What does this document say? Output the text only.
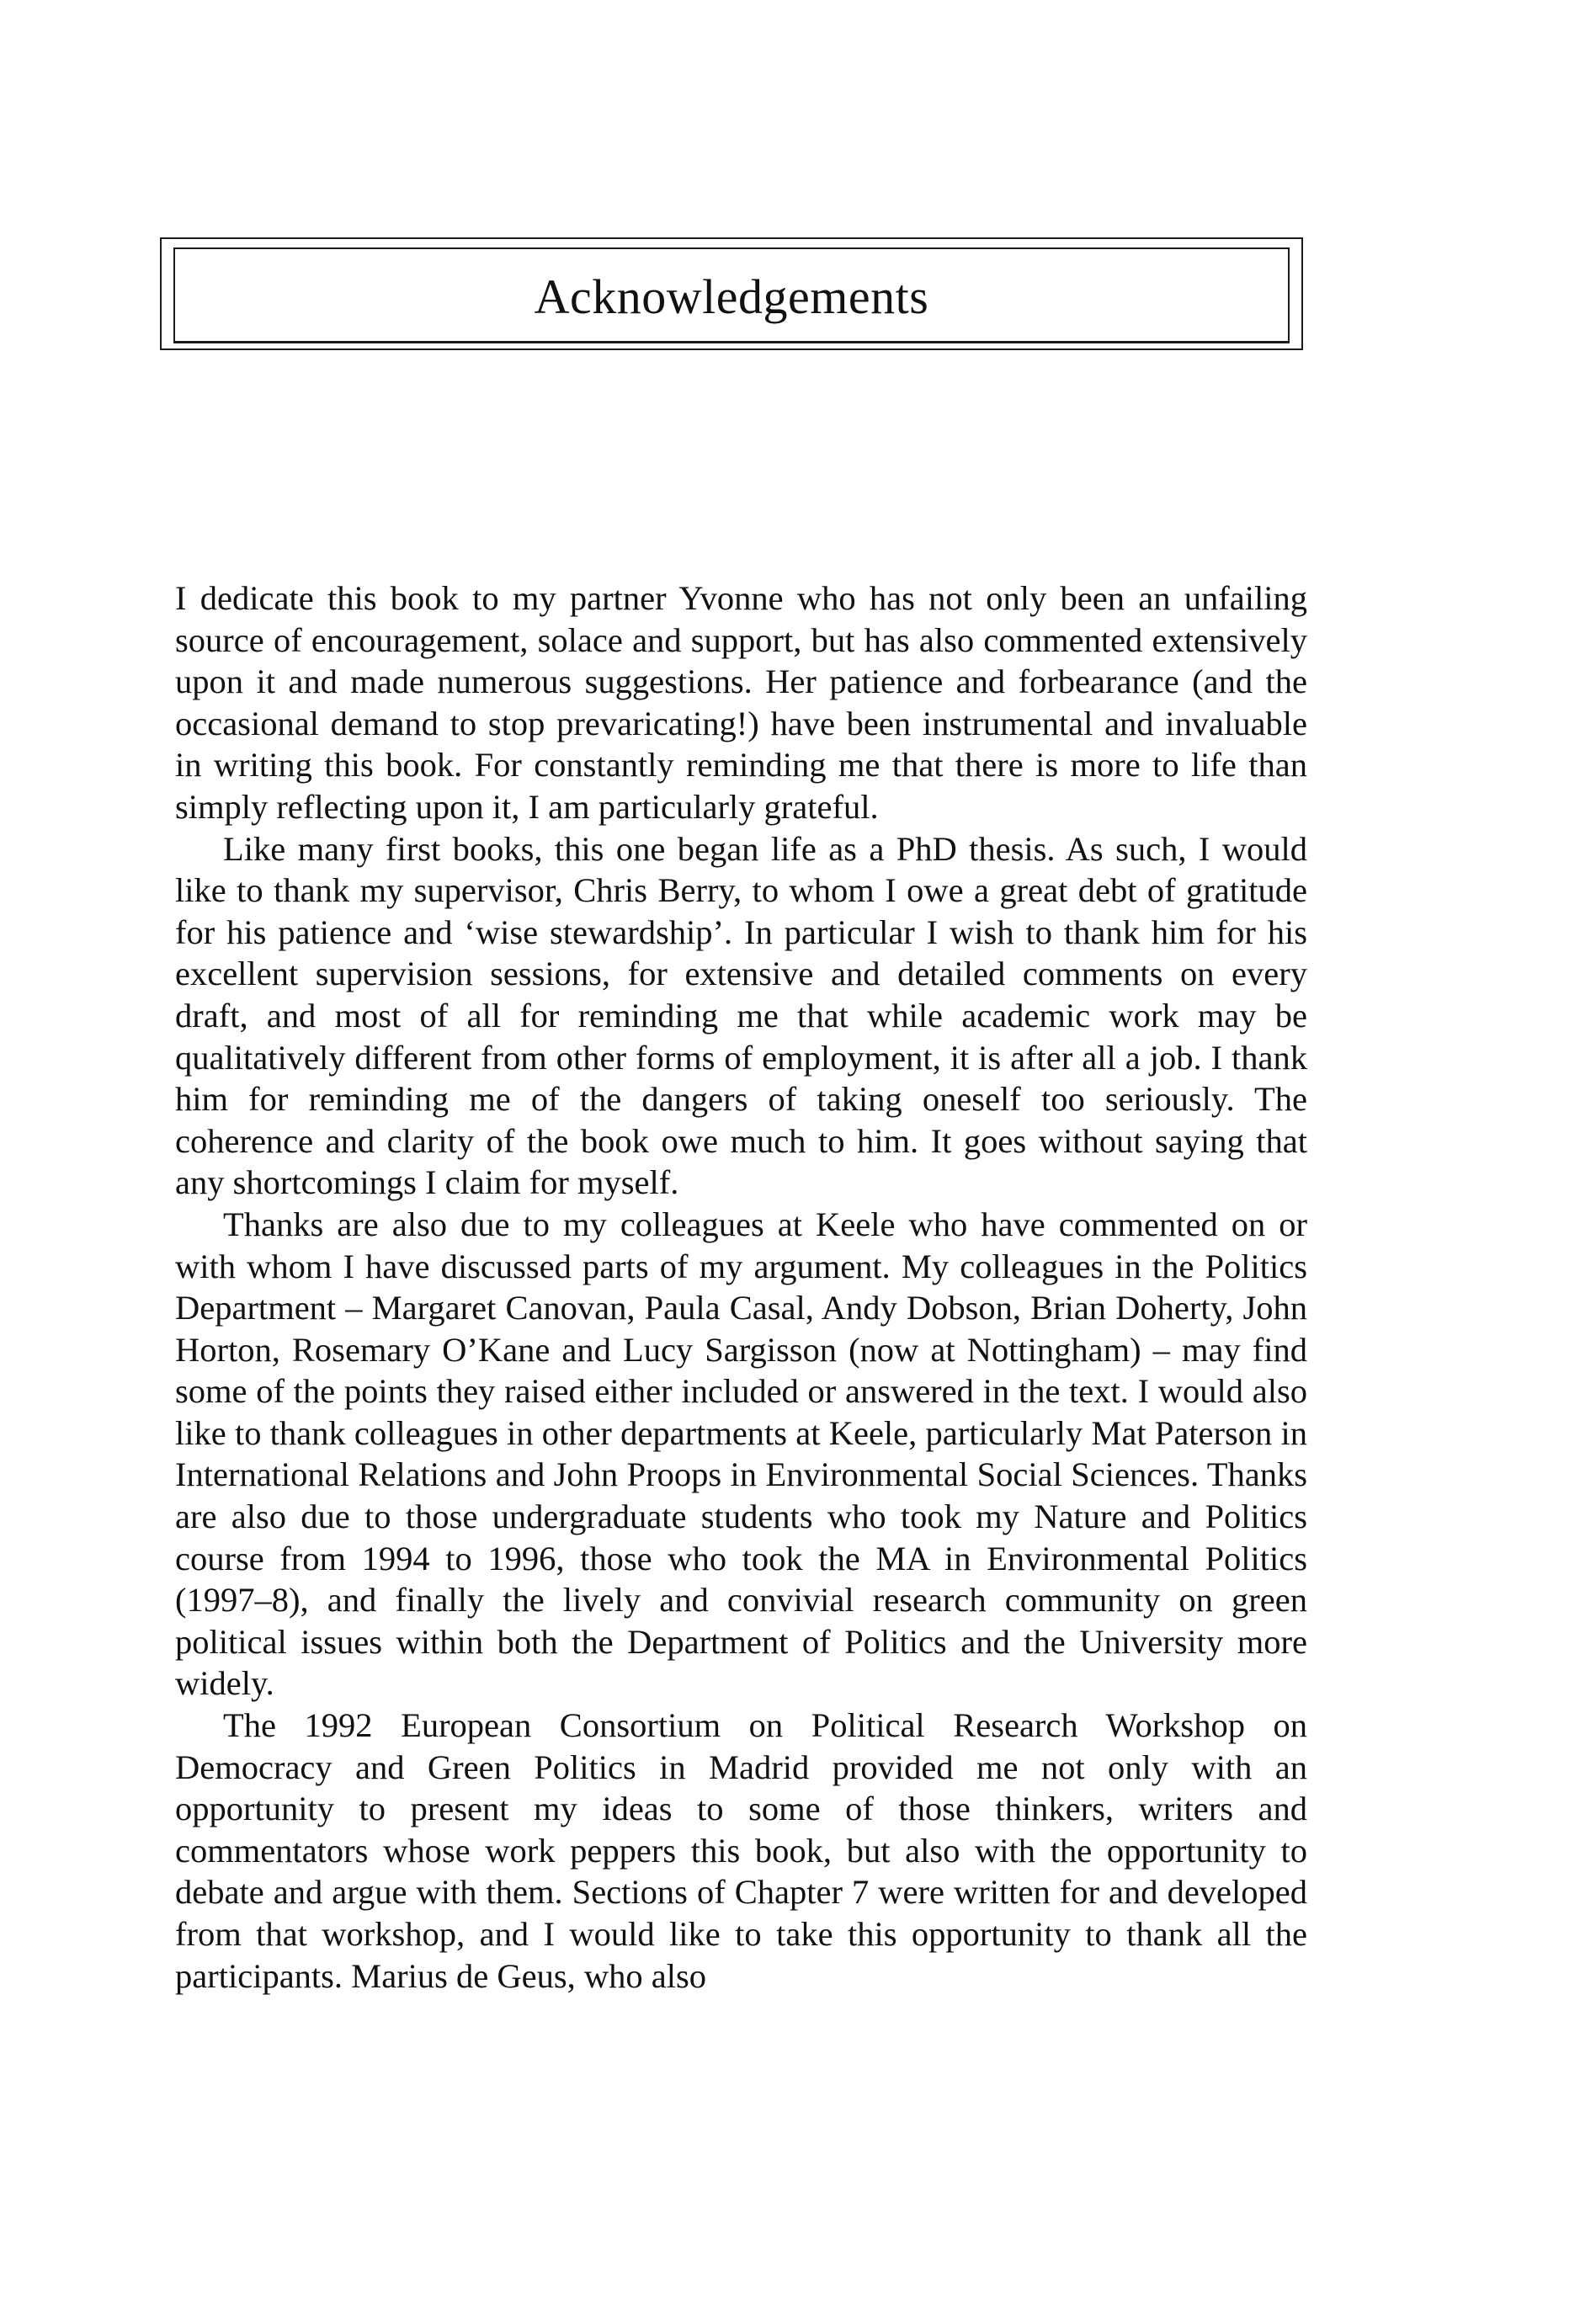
Acknowledgements

I dedicate this book to my partner Yvonne who has not only been an unfailing source of encouragement, solace and support, but has also commented extensively upon it and made numerous suggestions. Her patience and forbearance (and the occasional demand to stop prevaricating!) have been instrumental and invaluable in writing this book. For constantly reminding me that there is more to life than simply reflecting upon it, I am particularly grateful.

Like many first books, this one began life as a PhD thesis. As such, I would like to thank my supervisor, Chris Berry, to whom I owe a great debt of gratitude for his patience and ‘wise stewardship’. In particular I wish to thank him for his excellent supervision sessions, for extensive and detailed comments on every draft, and most of all for reminding me that while academic work may be qualitatively different from other forms of employment, it is after all a job. I thank him for reminding me of the dangers of taking oneself too seriously. The coherence and clarity of the book owe much to him. It goes without saying that any shortcomings I claim for myself.

Thanks are also due to my colleagues at Keele who have commented on or with whom I have discussed parts of my argument. My colleagues in the Politics Department – Margaret Canovan, Paula Casal, Andy Dobson, Brian Doherty, John Horton, Rosemary O’Kane and Lucy Sargisson (now at Nottingham) – may find some of the points they raised either included or answered in the text. I would also like to thank colleagues in other departments at Keele, particularly Mat Paterson in International Relations and John Proops in Environmental Social Sciences. Thanks are also due to those undergraduate students who took my Nature and Politics course from 1994 to 1996, those who took the MA in Environmental Politics (1997–8), and finally the lively and convivial research community on green political issues within both the Department of Politics and the University more widely.

The 1992 European Consortium on Political Research Workshop on Democracy and Green Politics in Madrid provided me not only with an opportunity to present my ideas to some of those thinkers, writers and commentators whose work peppers this book, but also with the opportunity to debate and argue with them. Sections of Chapter 7 were written for and developed from that workshop, and I would like to take this opportunity to thank all the participants. Marius de Geus, who also
